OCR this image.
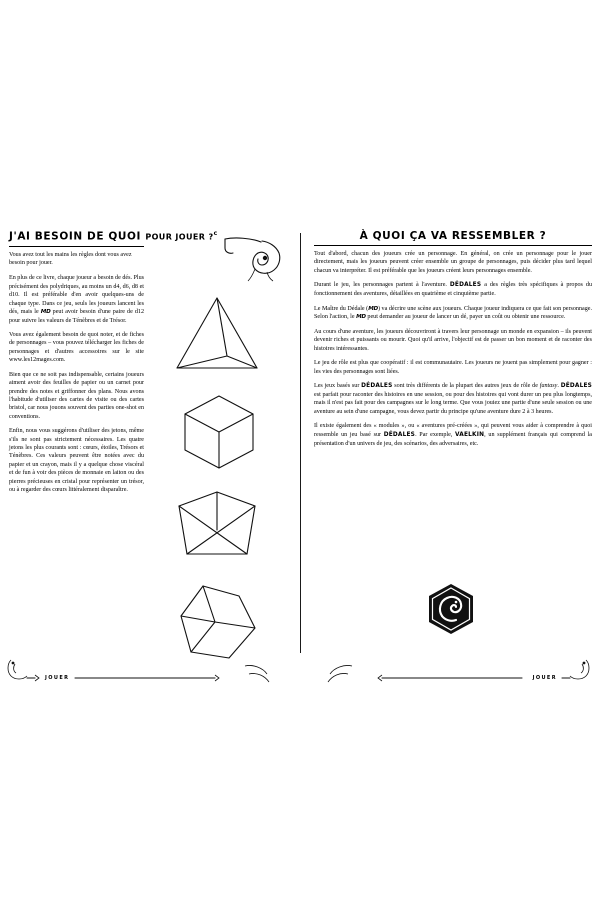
J'AI BESOIN DE QUOI POUR JOUER ?$^c$
Vous avez tout les mains les règles dont vous avez besoin pour jouer.

En plus de ce livre, chaque joueur a besoin de dés. Plus précisément des polydriques, au moins un d4, d6, d8 et d10. Il est préférable d'en avoir quelques-uns de chaque type. Dans ce jeu, seuls les joueurs lancent les dés, mais le MD peut avoir besoin d'une paire de d12 pour suivre les valeurs de Ténèbres et de Trésor.

Vous avez également besoin de quoi noter, et de fiches de personnages – vous pouvez télécharger les fiches de personnages et d'autres accessoires sur le site www.les12mages.com.

Bien que ce ne soit pas indispensable, certains joueurs aiment avoir des feuilles de papier ou un carnet pour prendre des notes et griffonner des plans. Nous avons l'habitude d'utiliser des cartes de visite ou des cartes bristol, car nous jouons souvent des parties one-shot en conventions.

Enfin, nous vous suggérons d'utiliser des jetons, même s'ils ne sont pas strictement nécessaires. Les quatre jetons les plus courants sont : cœurs, étoiles, Trésors et Ténèbres. Ces valeurs peuvent être notées avec du papier et un crayon, mais il y a quelque chose viscéral et de fun à voir des pièces de monnaie en laiton ou des pierres précieuses en cristal pour représenter un trésor, ou à regarder des cœurs littéralement disparaître.

JOUER
À QUOI ÇA VA RESSEMBLER ?

Tout d'abord, chacun des joueurs crée un personnage. En général, on crée un personnage pour le jouer directement, mais les joueurs peuvent créer ensemble un groupe de personnages, puis décider plus tard lequel chacun va interpréter. Il est préférable que les joueurs créent leurs personnages ensemble.

Durant le jeu, les personnages partent à l'aventure. DÉDALES a des règles très spécifiques à propos du fonctionnement des aventures, détaillées en quatrième et cinquième partie.

Le Maître du Dédale (MD) va décrire une scène aux joueurs. Chaque joueur indiquera ce que fait son personnage. Selon l'action, le MD peut demander au joueur de lancer un dé, payer un coût ou obtenir une ressource.

Au cours d'une aventure, les joueurs découvriront à travers leur personnage un monde en expansion – ils peuvent devenir riches et puissants ou mourir. Quoi qu'il arrive, l'objectif est de passer un bon moment et de raconter des histoires intéressantes.

Le jeu de rôle est plus que coopératif : il est communautaire. Les joueurs ne jouent pas simplement pour gagner : les vies des personnages sont liées.

Les jeux basés sur DÉDALES sont très différents de la plupart des autres jeux de rôle de fantasy. DÉDALES est parfait pour raconter des histoires en une session, ou pour des histoires qui vont durer un peu plus longtemps, mais il n'est pas fait pour des campagnes sur le long terme. Que vous jouiez une partie d'une seule session ou une aventure au sein d'une campagne, vous devez partir du principe qu'une aventure dure 2 à 3 heures.

Il existe également des « modules », ou « aventures pré-créées », qui peuvent vous aider à comprendre à quoi ressemble un jeu basé sur DÉDALES. Par exemple, VAELKIN, un supplément français qui comprend la présentation d'un univers de jeu, des scénarios, des adversaires, etc.

JOUER
